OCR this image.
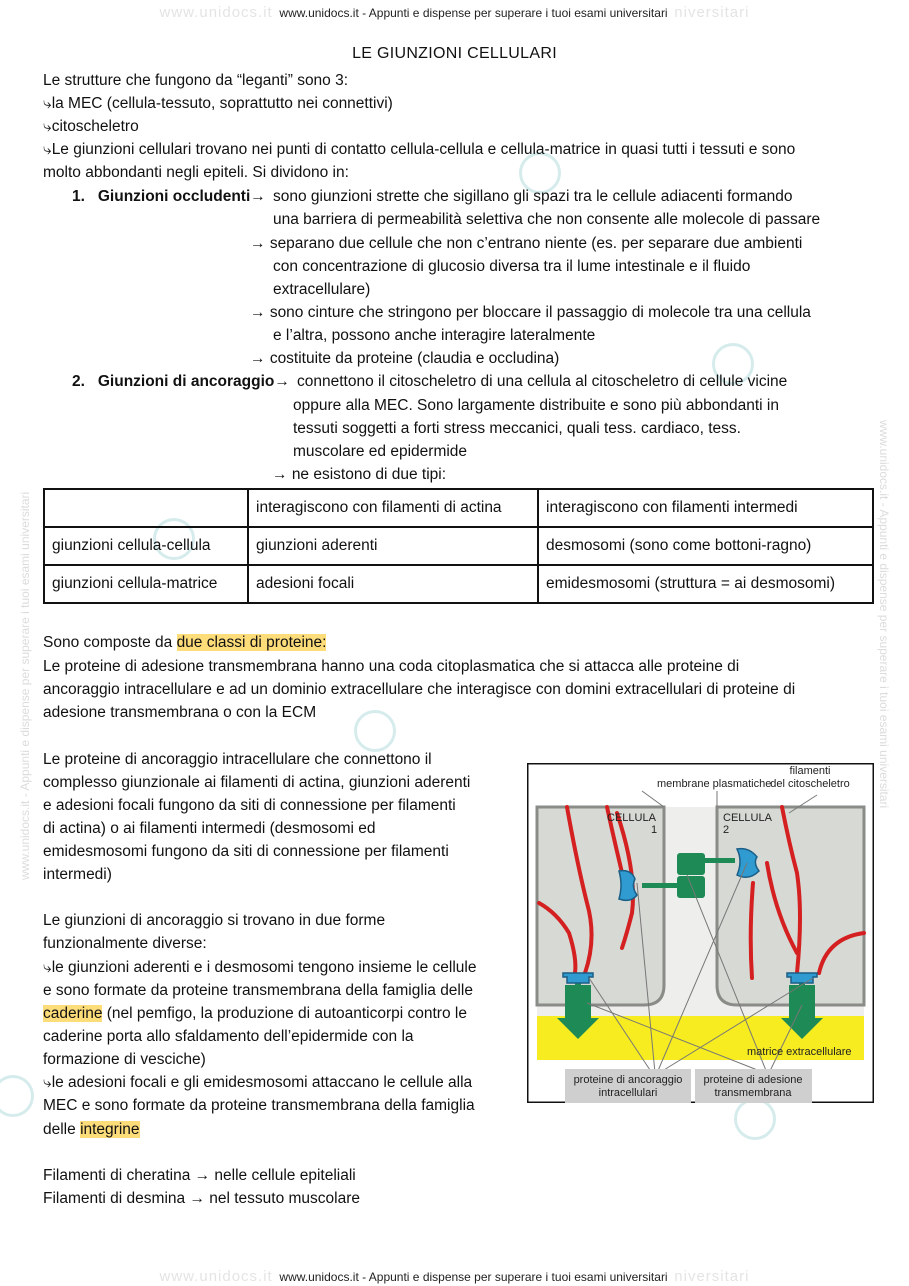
www.unidocs.it www.unidocs.it - Appunti e dispense per superare i tuoi esami universitari niversitari
www.unidocs.it - Appunti e dispense per superare i tuoi esami universitari	www.unidocs.it - Appunti e dispense per superare i tuoi esami universitari
LE GIUNZIONI CELLULARI
Le strutture che fungono da “leganti” sono 3:
⤷la MEC (cellula-tessuto, soprattutto nei connettivi)
⤷citoscheletro
⤷Le giunzioni cellulari trovano nei punti di contatto cellula-cellula e cellula-matrice in quasi tutti i tessuti e sono
molto abbondanti negli epiteli. Si dividono in:
1. Giunzioni occludenti→ sono giunzioni strette che sigillano gli spazi tra le cellule adiacenti formando
una barriera di permeabilità selettiva che non consente alle molecole di passare
→ separano due cellule che non c’entrano niente (es. per separare due ambienti
con concentrazione di glucosio diversa tra il lume intestinale e il fluido
extracellulare)
→ sono cinture che stringono per bloccare il passaggio di molecole tra una cellula
e l’altra, possono anche interagire lateralmente
→ costituite da proteine (claudia e occludina)
2. Giunzioni di ancoraggio→ connettono il citoscheletro di una cellula al citoscheletro di cellule vicine
oppure alla MEC. Sono largamente distribuite e sono più abbondanti in
tessuti soggetti a forti stress meccanici, quali tess. cardiaco, tess.
muscolare ed epidermide
→ ne esistono di due tipi:
	interagiscono con filamenti di actina	interagiscono con filamenti intermedi
giunzioni cellula-cellula	giunzioni aderenti	desmosomi (sono come bottoni-ragno)
giunzioni cellula-matrice	adesioni focali	emidesmosomi (struttura = ai desmosomi)
Sono composte da due classi di proteine:
Le proteine di adesione transmembrana hanno una coda citoplasmatica che si attacca alle proteine di
ancoraggio intracellulare e ad un dominio extracellulare che interagisce con domini extracellulari di proteine di
adesione transmembrana o con la ECM
Le proteine di ancoraggio intracellulare che connettono il
complesso giunzionale ai filamenti di actina, giunzioni aderenti
e adesioni focali fungono da siti di connessione per filamenti
di actina) o ai filamenti intermedi (desmosomi ed
emidesmosomi fungono da siti di connessione per filamenti
intermedi)
Le giunzioni di ancoraggio si trovano in due forme
funzionalmente diverse:
⤷le giunzioni aderenti e i desmosomi tengono insieme le cellule
e sono formate da proteine transmembrana della famiglia delle
caderine (nel pemfigo, la produzione di autoanticorpi contro le
caderine porta allo sfaldamento dell’epidermide con la
formazione di vesciche)
⤷le adesioni focali e gli emidesmosomi attaccano le cellule alla
MEC e sono formate da proteine transmembrana della famiglia
delle integrine
Filamenti di cheratina → nelle cellule epiteliali
Filamenti di desmina → nel tessuto muscolare
membrane plasmatiche
filamenti
del citoscheletro
CELLULA
1
CELLULA
2
matrice extracellulare
proteine di ancoraggio
intracellulari
proteine di adesione
transmembrana
www.unidocs.it www.unidocs.it - Appunti e dispense per superare i tuoi esami universitari niversitari
